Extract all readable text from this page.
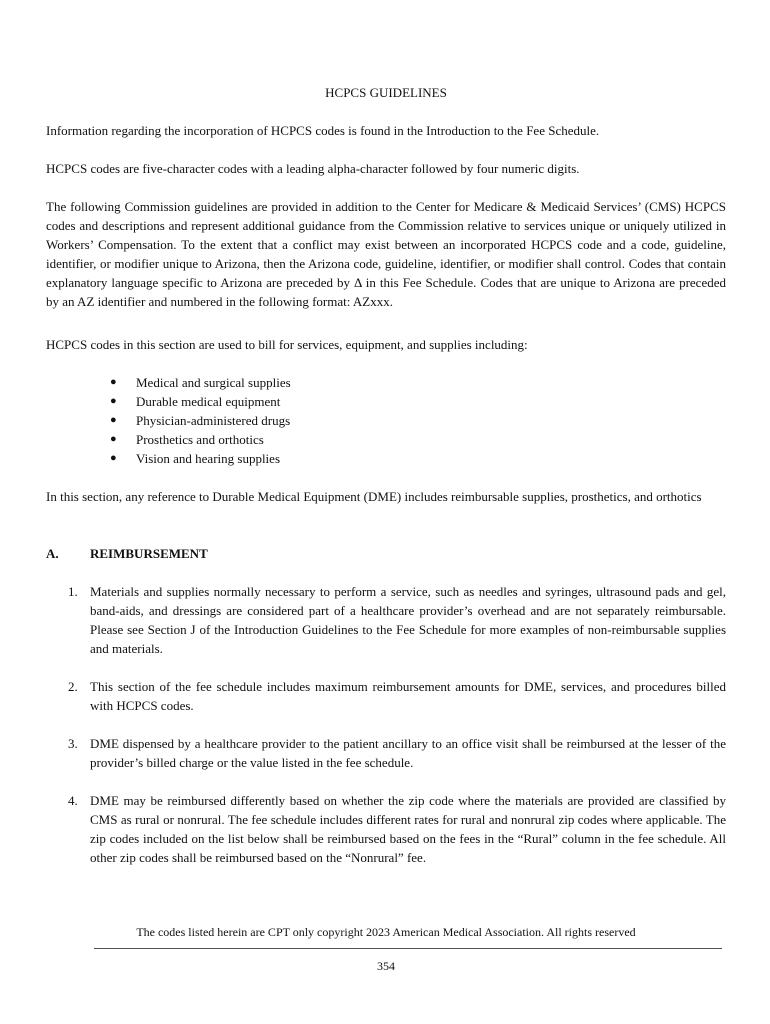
HCPCS GUIDELINES

Information regarding the incorporation of HCPCS codes is found in the Introduction to the Fee Schedule.

HCPCS codes are five-character codes with a leading alpha-character followed by four numeric digits.

The following Commission guidelines are provided in addition to the Center for Medicare & Medicaid Services’ (CMS) HCPCS codes and descriptions and represent additional guidance from the Commission relative to services unique or uniquely utilized in Workers’ Compensation. To the extent that a conflict may exist between an incorporated HCPCS code and a code, guideline, identifier, or modifier unique to Arizona, then the Arizona code, guideline, identifier, or modifier shall control. Codes that contain explanatory language specific to Arizona are preceded by Δ in this Fee Schedule. Codes that are unique to Arizona are preceded by an AZ identifier and numbered in the following format: AZxxx.

HCPCS codes in this section are used to bill for services, equipment, and supplies including:

● Medical and surgical supplies
● Durable medical equipment
● Physician-administered drugs
● Prosthetics and orthotics
● Vision and hearing supplies

In this section, any reference to Durable Medical Equipment (DME) includes reimbursable supplies, prosthetics, and orthotics

A. REIMBURSEMENT
1. Materials and supplies normally necessary to perform a service, such as needles and syringes, ultrasound pads and gel, band-aids, and dressings are considered part of a healthcare provider’s overhead and are not separately reimbursable. Please see Section J of the Introduction Guidelines to the Fee Schedule for more examples of non-reimbursable supplies and materials.

2. This section of the fee schedule includes maximum reimbursement amounts for DME, services, and procedures billed with HCPCS codes.

3. DME dispensed by a healthcare provider to the patient ancillary to an office visit shall be reimbursed at the lesser of the provider’s billed charge or the value listed in the fee schedule.

4. DME may be reimbursed differently based on whether the zip code where the materials are provided are classified by CMS as rural or nonrural. The fee schedule includes different rates for rural and nonrural zip codes where applicable. The zip codes included on the list below shall be reimbursed based on the fees in the “Rural” column in the fee schedule. All other zip codes shall be reimbursed based on the “Nonrural” fee.

The codes listed herein are CPT only copyright 2023 American Medical Association. All rights reserved
354
